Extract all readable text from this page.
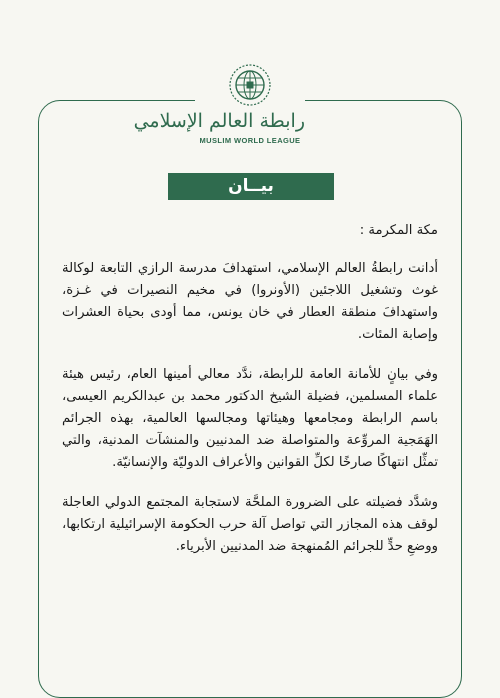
رابطة العالم الإسلامي
MUSLIM WORLD LEAGUE
بيــان

مكة المكرمة :

أدانت رابطةُ العالم الإسلامي، استهدافَ مدرسة الرازي التابعة لوكالة غوث وتشغيل اللاجئين (الأونروا) في مخيم النصيرات في غـزة، واستهدافَ منطقة العطار في خان يونس، مما أودى بحياة العشرات وإصابة المئات.

وفي بيانٍ للأمانة العامة للرابطة، ندَّد معالي أمينها العام، رئيس هيئة علماء المسلمين، فضيلة الشيخ الدكتور محمد بن عبدالكريم العيسى، باسم الرابطة ومجامعها وهيئاتها ومجالسها العالمية، بهذه الجرائم الهَمَجية المروِّعة والمتواصلة ضد المدنيين والمنشآت المدنية، والتي تمثِّل انتهاكًا صارخًا لكلِّ القوانين والأعراف الدوليّة والإنسانيّة.

وشدَّد فضيلته على الضرورة الملحَّة لاستجابة المجتمع الدولي العاجلة لوقف هذه المجازر التي تواصل آلة حرب الحكومة الإسرائيلية ارتكابها، ووضعِ حدٍّ للجرائم المُمنهجة ضد المدنيين الأبرياء.
